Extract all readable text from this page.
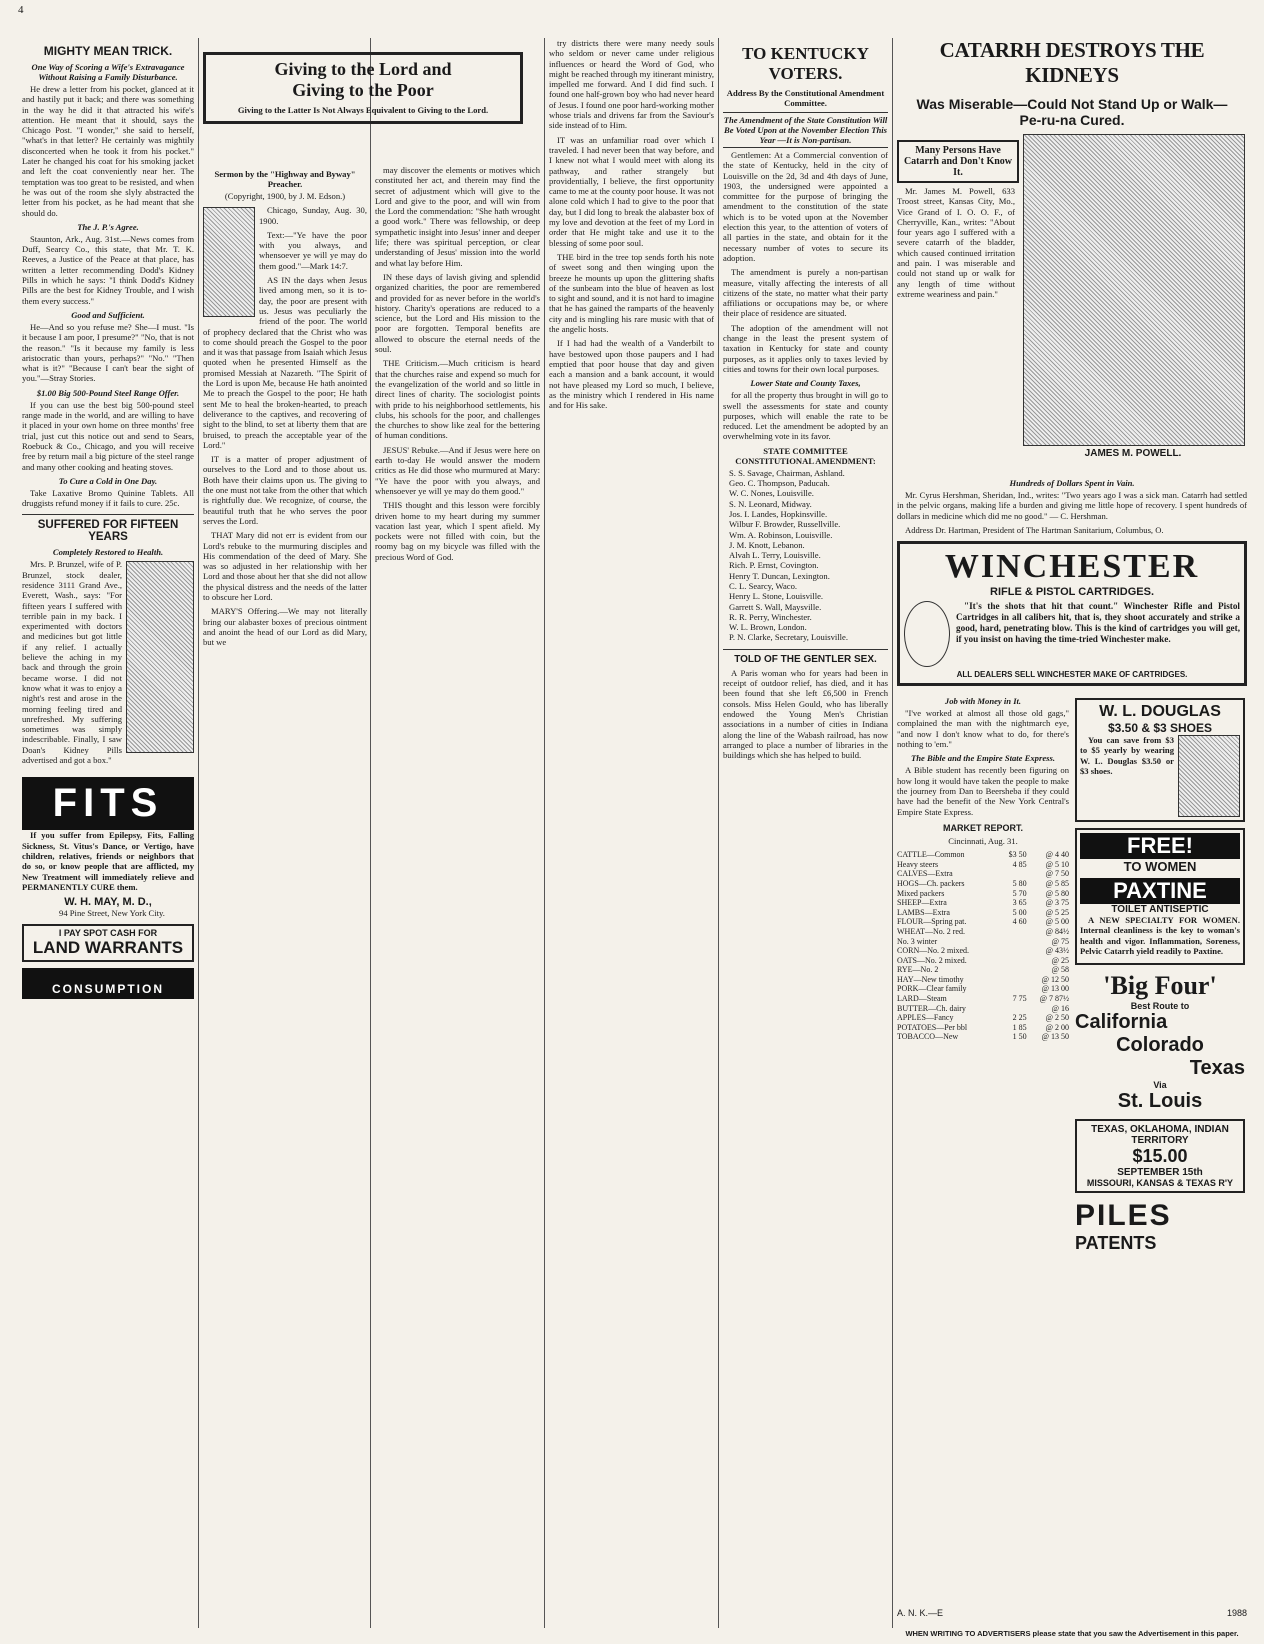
4
MIGHTY MEAN TRICK.
One Way of Scoring a Wife's Extravagance Without Raising a Family Disturbance.

He drew a letter from his pocket, glanced at it and hastily put it back; and there was something in the way he did it that attracted his wife's attention. He meant that it should, says the Chicago Post. "I wonder," she said to herself, "what's in that letter? He certainly was mightily disconcerted when he took it from his pocket." Later he changed his coat for his smoking jacket and left the coat conveniently near her. The temptation was too great to be resisted, and when he was out of the room she slyly abstracted the letter from his pocket, as he had meant that she should do.

The J. P.'s Agree.

Staunton, Ark., Aug. 31st.—News comes from Duff, Searcy Co., this state, that Mr. T. K. Reeves, a Justice of the Peace at that place, has written a letter recommending Dodd's Kidney Pills in which he says: "I think Dodd's Kidney Pills are the best for Kidney Trouble, and I wish them every success."

Good and Sufficient.

He—And so you refuse me? She—I must. "Is it because I am poor, I presume?" "No, that is not the reason." "Is it because my family is less aristocratic than yours, perhaps?" "No." "Then what is it?" "Because I can't bear the sight of you."—Stray Stories.

$1.00 Big 500-Pound Steel Range Offer.

If you can use the best big 500-pound steel range made in the world, and are willing to have it placed in your own home on three months' free trial, just cut this notice out and send to Sears, Roebuck & Co., Chicago, and you will receive free by return mail a big picture of the steel range and many other cooking and heating stoves.

To Cure a Cold in One Day.

Take Laxative Bromo Quinine Tablets. All druggists refund money if it fails to cure. 25c.

SUFFERED FOR FIFTEEN YEARS
Completely Restored to Health.

Mrs. P. Brunzel, wife of P. Brunzel, stock dealer, residence 3111 Grand Ave., Everett, Wash., says: "For fifteen years I suffered with terrible pain in my back. I experimented with doctors and medicines but got little if any relief. I actually believe the aching in my back and through the groin became worse. I did not know what it was to enjoy a night's rest and arose in the morning feeling tired and unrefreshed. My suffering sometimes was simply indescribable. Finally, I saw Doan's Kidney Pills advertised and got a box."

FITS

If you suffer from Epilepsy, Fits, Falling Sickness, St. Vitus's Dance, or Vertigo, have children, relatives, friends or neighbors that do so, or know people that are afflicted, my New Treatment will immediately relieve and PERMANENTLY CURE them.

W. H. MAY, M. D.,
94 Pine Street, New York City.
I PAY SPOT CASH FOR
LAND WARRANTS
CONSUMPTION
Giving to the Lord and
Giving to the Poor
Giving to the Latter Is Not Always Equivalent to Giving to the Lord.
Sermon by the "Highway and Byway" Preacher.
(Copyright, 1900, by J. M. Edson.)

Chicago, Sunday, Aug. 30, 1900.

Text:—"Ye have the poor with you always, and whensoever ye will ye may do them good."—Mark 14:7.

AS IN the days when Jesus lived among men, so it is to-day, the poor are present with us. Jesus was peculiarly the friend of the poor. The world of prophecy declared that the Christ who was to come should preach the Gospel to the poor and it was that passage from Isaiah which Jesus quoted when he presented Himself as the promised Messiah at Nazareth. "The Spirit of the Lord is upon Me, because He hath anointed Me to preach the Gospel to the poor; He hath sent Me to heal the broken-hearted, to preach deliverance to the captives, and recovering of sight to the blind, to set at liberty them that are bruised, to preach the acceptable year of the Lord."

IT is a matter of proper adjustment of ourselves to the Lord and to those about us. Both have their claims upon us. The giving to the one must not take from the other that which is rightfully due. We recognize, of course, the beautiful truth that he who serves the poor serves the Lord.

THAT Mary did not err is evident from our Lord's rebuke to the murmuring disciples and His commendation of the deed of Mary. She was so adjusted in her relationship with her Lord and those about her that she did not allow the physical distress and the needs of the latter to obscure her Lord.

MARY'S Offering.—We may not literally bring our alabaster boxes of precious ointment and anoint the head of our Lord as did Mary, but we

may discover the elements or motives which constituted her act, and therein may find the secret of adjustment which will give to the Lord and give to the poor, and will win from the Lord the commendation: "She hath wrought a good work." There was fellowship, or deep sympathetic insight into Jesus' inner and deeper life; there was spiritual perception, or clear understanding of Jesus' mission into the world and what lay before Him.

IN these days of lavish giving and splendid organized charities, the poor are remembered and provided for as never before in the world's history. Charity's operations are reduced to a science, but the Lord and His mission to the poor are forgotten. Temporal benefits are allowed to obscure the eternal needs of the soul.

THE Criticism.—Much criticism is heard that the churches raise and expend so much for the evangelization of the world and so little in direct lines of charity. The sociologist points with pride to his neighborhood settlements, his clubs, his schools for the poor, and challenges the churches to show like zeal for the bettering of human conditions.

JESUS' Rebuke.—And if Jesus were here on earth to-day He would answer the modern critics as He did those who murmured at Mary: "Ye have the poor with you always, and whensoever ye will ye may do them good."

THIS thought and this lesson were forcibly driven home to my heart during my summer vacation last year, which I spent afield. My pockets were not filled with coin, but the roomy bag on my bicycle was filled with the precious Word of God.

try districts there were many needy souls who seldom or never came under religious influences or heard the Word of God, who might be reached through my itinerant ministry, impelled me forward. And I did find such. I found one half-grown boy who had never heard of Jesus. I found one poor hard-working mother whose trials and drivens far from the Saviour's side instead of to Him.

IT was an unfamiliar road over which I traveled. I had never been that way before, and I knew not what I would meet with along its pathway, and rather strangely but providentially, I believe, the first opportunity came to me at the county poor house. It was not alone cold which I had to give to the poor that day, but I did long to break the alabaster box of my love and devotion at the feet of my Lord in order that He might take and use it to the blessing of some poor soul.

THE bird in the tree top sends forth his note of sweet song and then winging upon the breeze he mounts up upon the glittering shafts of the sunbeam into the blue of heaven as lost to sight and sound, and it is not hard to imagine that he has gained the ramparts of the heavenly city and is mingling his rare music with that of the angelic hosts.

If I had had the wealth of a Vanderbilt to have bestowed upon those paupers and I had emptied that poor house that day and given each a mansion and a bank account, it would not have pleased my Lord so much, I believe, as the ministry which I rendered in His name and for His sake.

TO KENTUCKY VOTERS.
Address By the Constitutional Amendment Committee.
The Amendment of the State Constitution Will Be Voted Upon at the November Election This Year —It is Non-partisan.

Gentlemen: At a Commercial convention of the state of Kentucky, held in the city of Louisville on the 2d, 3d and 4th days of June, 1903, the undersigned were appointed a committee for the purpose of bringing the amendment to the constitution of the state which is to be voted upon at the November election this year, to the attention of voters of all parties in the state, and obtain for it the necessary number of votes to secure its adoption.

The amendment is purely a non-partisan measure, vitally affecting the interests of all citizens of the state, no matter what their party affiliations or occupations may be, or where their place of residence are situated.

The adoption of the amendment will not change in the least the present system of taxation in Kentucky for state and county purposes, as it applies only to taxes levied by cities and towns for their own local purposes.

Lower State and County Taxes,

for all the property thus brought in will go to swell the assessments for state and county purposes, which will enable the rate to be reduced. Let the amendment be adopted by an overwhelming vote in its favor.

STATE COMMITTEE CONSTITUTIONAL AMENDMENT:
S. S. Savage, Chairman, Ashland.
Geo. C. Thompson, Paducah.
W. C. Nones, Louisville.
S. N. Leonard, Midway.
Jos. I. Landes, Hopkinsville.
Wilbur F. Browder, Russellville.
Wm. A. Robinson, Louisville.
J. M. Knott, Lebanon.
Alvah L. Terry, Louisville.
Rich. P. Ernst, Covington.
Henry T. Duncan, Lexington.
C. L. Searcy, Waco.
Henry L. Stone, Louisville.
Garrett S. Wall, Maysville.
R. R. Perry, Winchester.
W. L. Brown, London.
P. N. Clarke, Secretary, Louisville.
TOLD OF THE GENTLER SEX.

A Paris woman who for years had been in receipt of outdoor relief, has died, and it has been found that she left £6,500 in French consols. Miss Helen Gould, who has liberally endowed the Young Men's Christian associations in a number of cities in Indiana along the line of the Wabash railroad, has now arranged to place a number of libraries in the buildings which she has helped to build.

CATARRH DESTROYS THE KIDNEYS
Was Miserable—Could Not Stand Up or Walk—
Pe-ru-na Cured.
Many Persons Have Catarrh and Don't Know It.

Mr. James M. Powell, 633 Troost street, Kansas City, Mo., Vice Grand of I. O. O. F., of Cherryville, Kan., writes: "About four years ago I suffered with a severe catarrh of the bladder, which caused continued irritation and pain. I was miserable and could not stand up or walk for any length of time without extreme weariness and pain."

JAMES M. POWELL.
Hundreds of Dollars Spent in Vain.

Mr. Cyrus Hershman, Sheridan, Ind., writes: "Two years ago I was a sick man. Catarrh had settled in the pelvic organs, making life a burden and giving me little hope of recovery. I spent hundreds of dollars in medicine which did me no good." — C. Hershman.

Address Dr. Hartman, President of The Hartman Sanitarium, Columbus, O.

WINCHESTER
RIFLE & PISTOL CARTRIDGES.

"It's the shots that hit that count." Winchester Rifle and Pistol Cartridges in all calibers hit, that is, they shoot accurately and strike a good, hard, penetrating blow. This is the kind of cartridges you will get, if you insist on having the time-tried Winchester make.

ALL DEALERS SELL WINCHESTER MAKE OF CARTRIDGES.
Job with Money in It.

"I've worked at almost all those old gags," complained the man with the nightmarch eye, "and now I don't know what to do, for there's nothing to 'em."

The Bible and the Empire State Express.

A Bible student has recently been figuring on how long it would have taken the people to make the journey from Dan to Beersheba if they could have had the benefit of the New York Central's Empire State Express.

MARKET REPORT.
Cincinnati, Aug. 31.
CATTLE—Common	$3 50	@ 4 40
Heavy steers	4 85	@ 5 10
CALVES—Extra		@ 7 50
HOGS—Ch. packers	5 80	@ 5 85
Mixed packers	5 70	@ 5 80
SHEEP—Extra	3 65	@ 3 75
LAMBS—Extra	5 00	@ 5 25
FLOUR—Spring pat.	4 60	@ 5 00
WHEAT—No. 2 red.		@ 84½
No. 3 winter		@ 75
CORN—No. 2 mixed.		@ 43½
OATS—No. 2 mixed.		@ 25
RYE—No. 2		@ 58
HAY—New timothy		@ 12 50
PORK—Clear family		@ 13 00
LARD—Steam	7 75	@ 7 87½
BUTTER—Ch. dairy		@ 16
APPLES—Fancy	2 25	@ 2 50
POTATOES—Per bbl	1 85	@ 2 00
TOBACCO—New	1 50	@ 13 50
W. L. DOUGLAS
$3.50 & $3 SHOES

You can save from $3 to $5 yearly by wearing W. L. Douglas $3.50 or $3 shoes.

FREE!
TO WOMEN
PAXTINE
TOILET ANTISEPTIC

A NEW SPECIALTY FOR WOMEN. Internal cleanliness is the key to woman's health and vigor. Inflammation, Soreness, Pelvic Catarrh yield readily to Paxtine.

'Big Four'
Best Route to
California
Colorado
Texas
Via
St. Louis
TEXAS, OKLAHOMA, INDIAN TERRITORY
$15.00
SEPTEMBER 15th
MISSOURI, KANSAS & TEXAS R'Y
PILES
PATENTS
A. N. K.—E	1988
WHEN WRITING TO ADVERTISERS please state that you saw the Advertisement in this paper.
